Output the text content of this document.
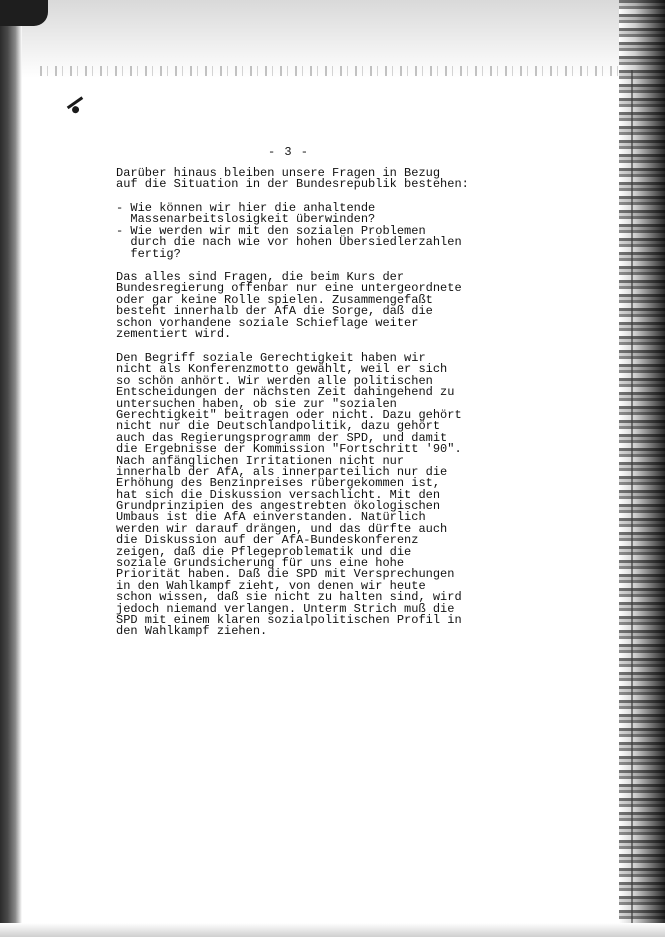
- 3 -
Darüber hinaus bleiben unsere Fragen in Bezug
auf die Situation in der Bundesrepublik bestehen:
- Wie können wir hier die anhaltende
Massenarbeitslosigkeit überwinden?
- Wie werden wir mit den sozialen Problemen
durch die nach wie vor hohen Übersiedlerzahlen
fertig?
Das alles sind Fragen, die beim Kurs der
Bundesregierung offenbar nur eine untergeordnete
oder gar keine Rolle spielen. Zusammengefaßt
besteht innerhalb der AfA die Sorge, daß die
schon vorhandene soziale Schieflage weiter
zementiert wird.
Den Begriff soziale Gerechtigkeit haben wir
nicht als Konferenzmotto gewählt, weil er sich
so schön anhört. Wir werden alle politischen
Entscheidungen der nächsten Zeit dahingehend zu
untersuchen haben, ob sie zur "sozialen
Gerechtigkeit" beitragen oder nicht. Dazu gehört
nicht nur die Deutschlandpolitik, dazu gehört
auch das Regierungsprogramm der SPD, und damit
die Ergebnisse der Kommission "Fortschritt '90".
Nach anfänglichen Irritationen nicht nur
innerhalb der AfA, als innerparteilich nur die
Erhöhung des Benzinpreises rübergekommen ist,
hat sich die Diskussion versachlicht. Mit den
Grundprinzipien des angestrebten ökologischen
Umbaus ist die AfA einverstanden. Natürlich
werden wir darauf drängen, und das dürfte auch
die Diskussion auf der AfA-Bundeskonferenz
zeigen, daß die Pflegeproblematik und die
soziale Grundsicherung für uns eine hohe
Priorität haben. Daß die SPD mit Versprechungen
in den Wahlkampf zieht, von denen wir heute
schon wissen, daß sie nicht zu halten sind, wird
jedoch niemand verlangen. Unterm Strich muß die
SPD mit einem klaren sozialpolitischen Profil in
den Wahlkampf ziehen.
